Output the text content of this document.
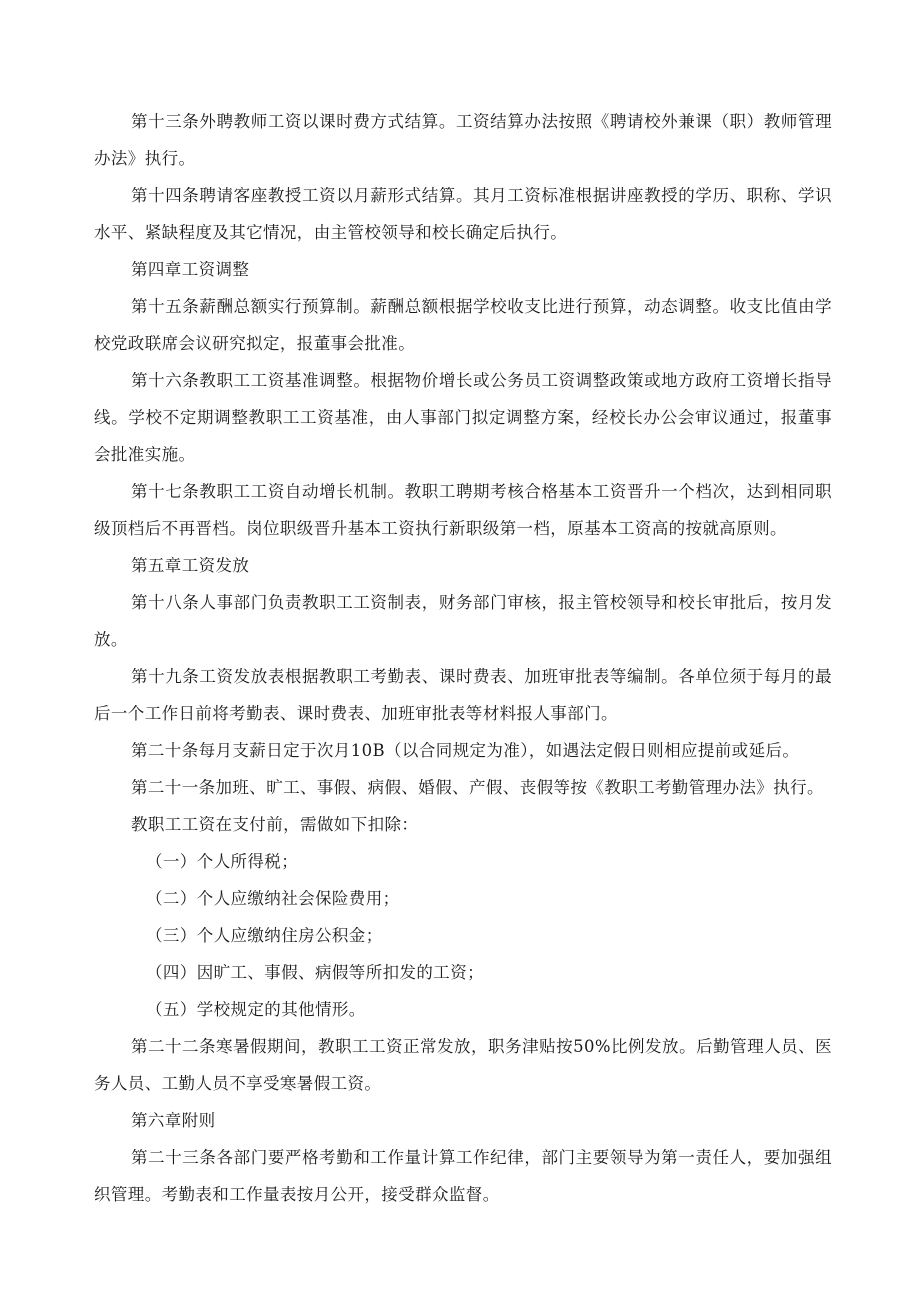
第十三条外聘教师工资以课时费方式结算。工资结算办法按照《聘请校外兼课（职）教师管理办法》执行。

第十四条聘请客座教授工资以月薪形式结算。其月工资标准根据讲座教授的学历、职称、学识水平、紧缺程度及其它情况，由主管校领导和校长确定后执行。

第四章工资调整

第十五条薪酬总额实行预算制。薪酬总额根据学校收支比进行预算，动态调整。收支比值由学校党政联席会议研究拟定，报董事会批准。

第十六条教职工工资基准调整。根据物价增长或公务员工资调整政策或地方政府工资增长指导线。学校不定期调整教职工工资基准，由人事部门拟定调整方案，经校长办公会审议通过，报董事会批准实施。

第十七条教职工工资自动增长机制。教职工聘期考核合格基本工资晋升一个档次，达到相同职级顶档后不再晋档。岗位职级晋升基本工资执行新职级第一档，原基本工资高的按就高原则。

第五章工资发放

第十八条人事部门负责教职工工资制表，财务部门审核，报主管校领导和校长审批后，按月发放。

第十九条工资发放表根据教职工考勤表、课时费表、加班审批表等编制。各单位须于每月的最后一个工作日前将考勤表、课时费表、加班审批表等材料报人事部门。

第二十条每月支薪日定于次月10B（以合同规定为准），如遇法定假日则相应提前或延后。

第二十一条加班、旷工、事假、病假、婚假、产假、丧假等按《教职工考勤管理办法》执行。

教职工工资在支付前，需做如下扣除：

（一）个人所得税；

（二）个人应缴纳社会保险费用；

（三）个人应缴纳住房公积金；

（四）因旷工、事假、病假等所扣发的工资；

（五）学校规定的其他情形。

第二十二条寒暑假期间，教职工工资正常发放，职务津贴按50%比例发放。后勤管理人员、医务人员、工勤人员不享受寒暑假工资。

第六章附则

第二十三条各部门要严格考勤和工作量计算工作纪律，部门主要领导为第一责任人，要加强组织管理。考勤表和工作量表按月公开，接受群众监督。
